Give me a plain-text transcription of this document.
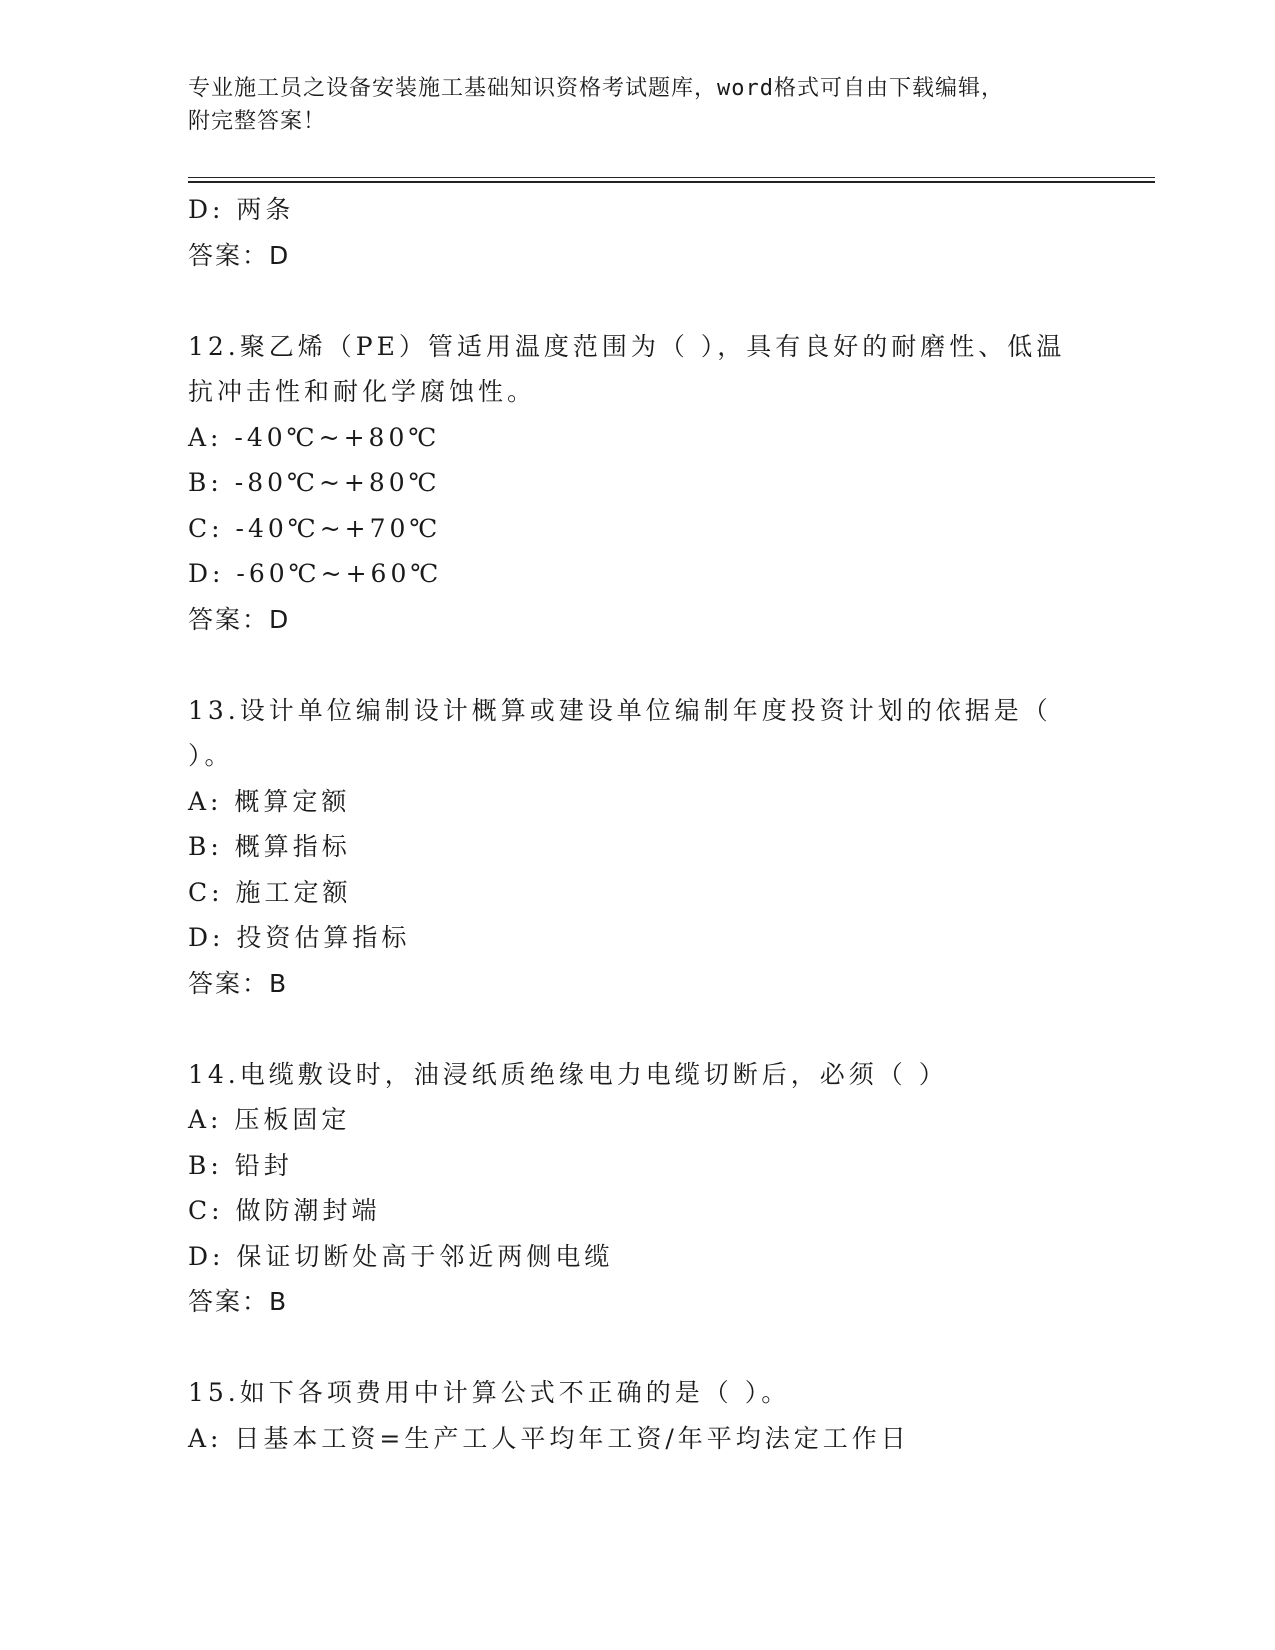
专业施工员之设备安装施工基础知识资格考试题库，word格式可自由下载编辑，
附完整答案！
D: 两条
答案：D
12.聚乙烯（PE）管适用温度范围为（ ），具有良好的耐磨性、低温
抗冲击性和耐化学腐蚀性。
A: -40℃~+80℃
B: -80℃~+80℃
C: -40℃~+70℃
D: -60℃~+60℃
答案：D
13.设计单位编制设计概算或建设单位编制年度投资计划的依据是（
）。
A: 概算定额
B: 概算指标
C: 施工定额
D: 投资估算指标
答案：B
14.电缆敷设时，油浸纸质绝缘电力电缆切断后，必须（ ）
A: 压板固定
B: 铅封
C: 做防潮封端
D: 保证切断处高于邻近两侧电缆
答案：B
15.如下各项费用中计算公式不正确的是（ ）。
A: 日基本工资=生产工人平均年工资/年平均法定工作日
